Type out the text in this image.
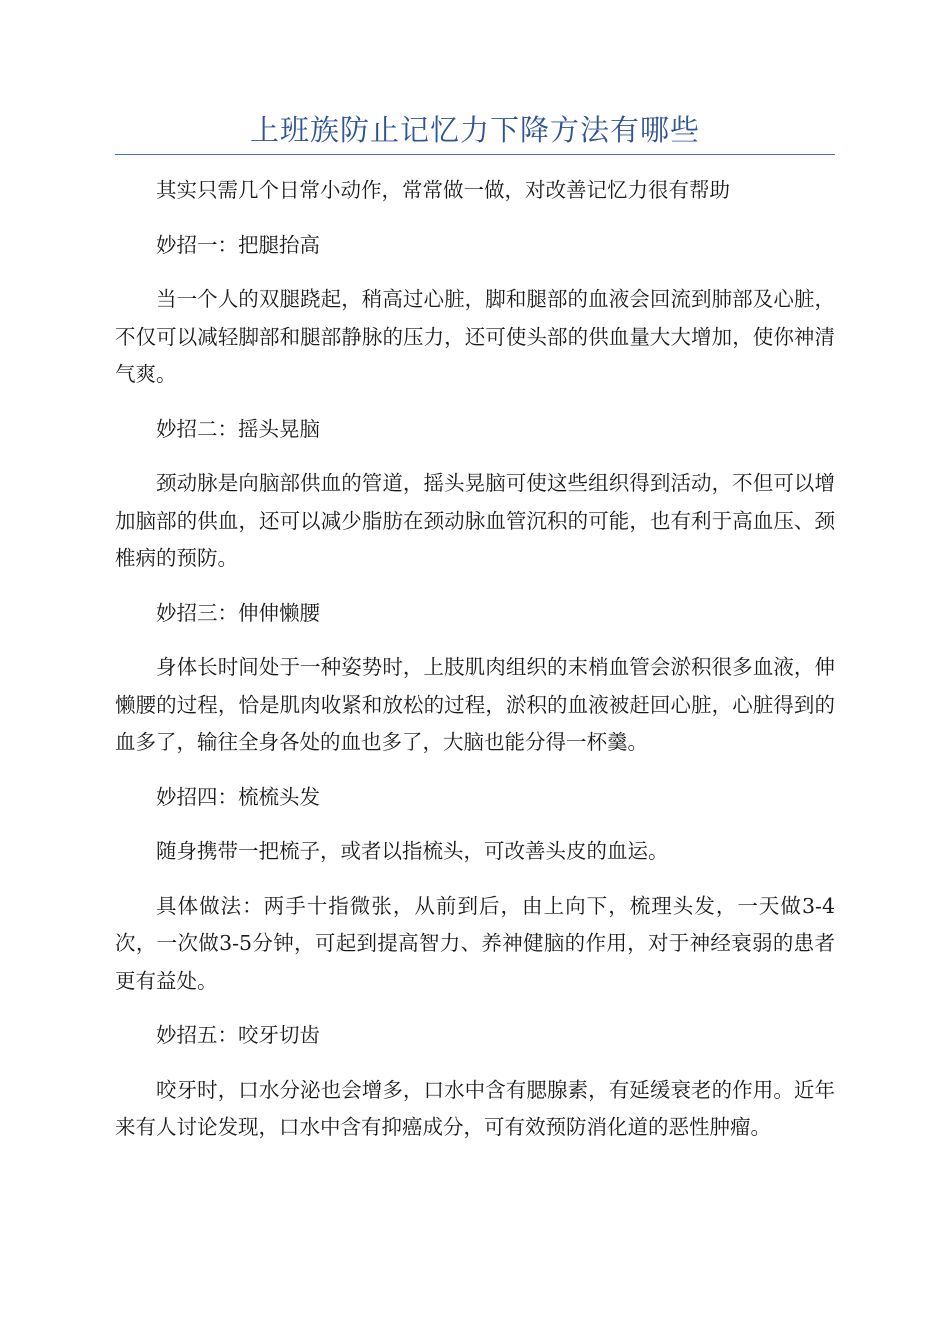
上班族防止记忆力下降方法有哪些

其实只需几个日常小动作，常常做一做，对改善记忆力很有帮助

妙招一：把腿抬高

当一个人的双腿跷起，稍高过心脏，脚和腿部的血液会回流到肺部及心脏，不仅可以减轻脚部和腿部静脉的压力，还可使头部的供血量大大增加，使你神清气爽。

妙招二：摇头晃脑

颈动脉是向脑部供血的管道，摇头晃脑可使这些组织得到活动，不但可以增加脑部的供血，还可以减少脂肪在颈动脉血管沉积的可能，也有利于高血压、颈椎病的预防。

妙招三：伸伸懒腰

身体长时间处于一种姿势时，上肢肌肉组织的末梢血管会淤积很多血液，伸懒腰的过程，恰是肌肉收紧和放松的过程，淤积的血液被赶回心脏，心脏得到的血多了，输往全身各处的血也多了，大脑也能分得一杯羹。

妙招四：梳梳头发

随身携带一把梳子，或者以指梳头，可改善头皮的血运。

具体做法：两手十指微张，从前到后，由上向下，梳理头发，一天做3-4次，一次做3-5分钟，可起到提高智力、养神健脑的作用，对于神经衰弱的患者更有益处。

妙招五：咬牙切齿

咬牙时，口水分泌也会增多，口水中含有腮腺素，有延缓衰老的作用。近年来有人讨论发现，口水中含有抑癌成分，可有效预防消化道的恶性肿瘤。
